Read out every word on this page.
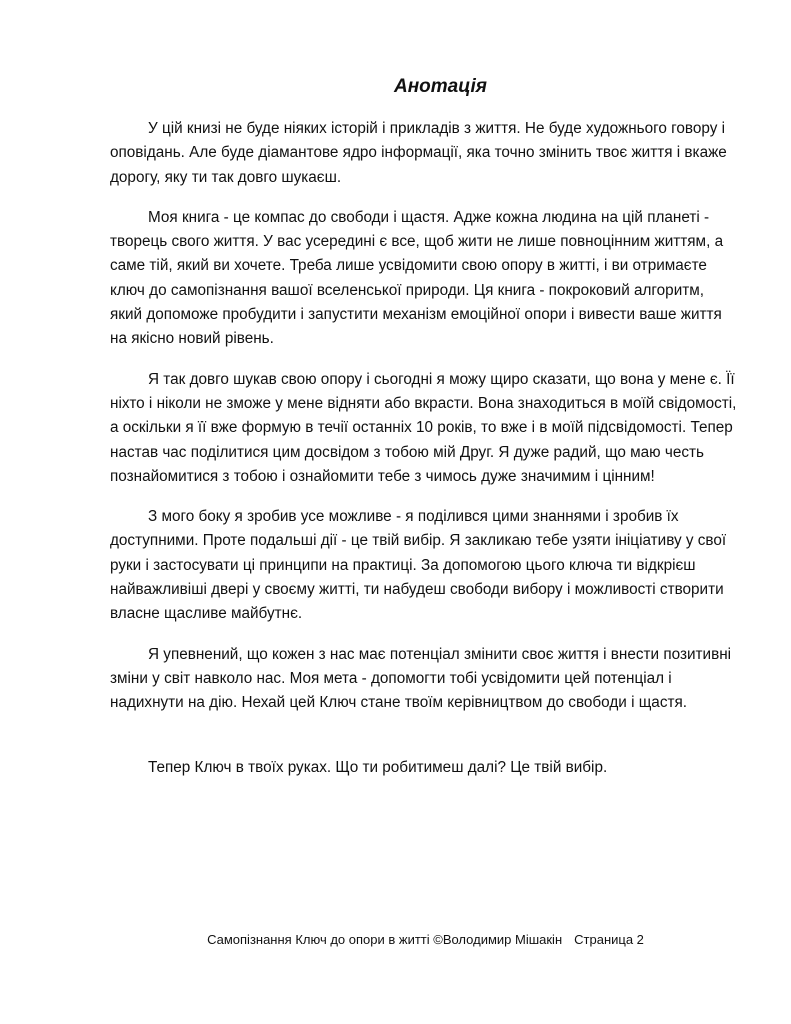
Анотація

У цій книзі не буде ніяких історій і прикладів з життя. Не буде художнього говору і оповідань. Але буде діамантове ядро інформації, яка точно змінить твоє життя і вкаже дорогу, яку ти так довго шукаєш.

Моя книга - це компас до свободи і щастя. Адже кожна людина на цій планеті - творець свого життя. У вас усередині є все, щоб жити не лише повноцінним життям, а саме тій, який ви хочете. Треба лише усвідомити свою опору в житті, і ви отримаєте ключ до самопізнання вашої вселенської природи. Ця книга - покроковий алгоритм, який допоможе пробудити і запустити механізм емоційної опори і вивести ваше життя на якісно новий рівень.

Я так довго шукав свою опору і сьогодні я можу щиро сказати, що вона у мене є. Її ніхто і ніколи не зможе у мене відняти або вкрасти. Вона знаходиться в моїй свідомості, а оскільки я її вже формую в течії останніх 10 років, то вже і в моїй підсвідомості. Тепер настав час поділитися цим досвідом з тобою мій Друг. Я дуже радий, що маю честь познайомитися з тобою і ознайомити тебе з чимось дуже значимим і цінним!

З мого боку я зробив усе можливе - я поділився цими знаннями і зробив їх доступними. Проте подальші дії - це твій вибір. Я закликаю тебе узяти ініціативу у свої руки і застосувати ці принципи на практиці. За допомогою цього ключа ти відкрієш найважливіші двері у своєму житті, ти набудеш свободи вибору і можливості створити власне щасливе майбутнє.

Я упевнений, що кожен з нас має потенціал змінити своє життя і внести позитивні зміни у світ навколо нас. Моя мета - допомогти тобі усвідомити цей потенціал і надихнути на дію. Нехай цей Ключ стане твоїм керівництвом до свободи і щастя.

Тепер Ключ в твоїх руках. Що ти робитимеш далі? Це твій вибір.

Самопізнання Ключ до опори в житті ©Володимир Мішакін Страница 2
